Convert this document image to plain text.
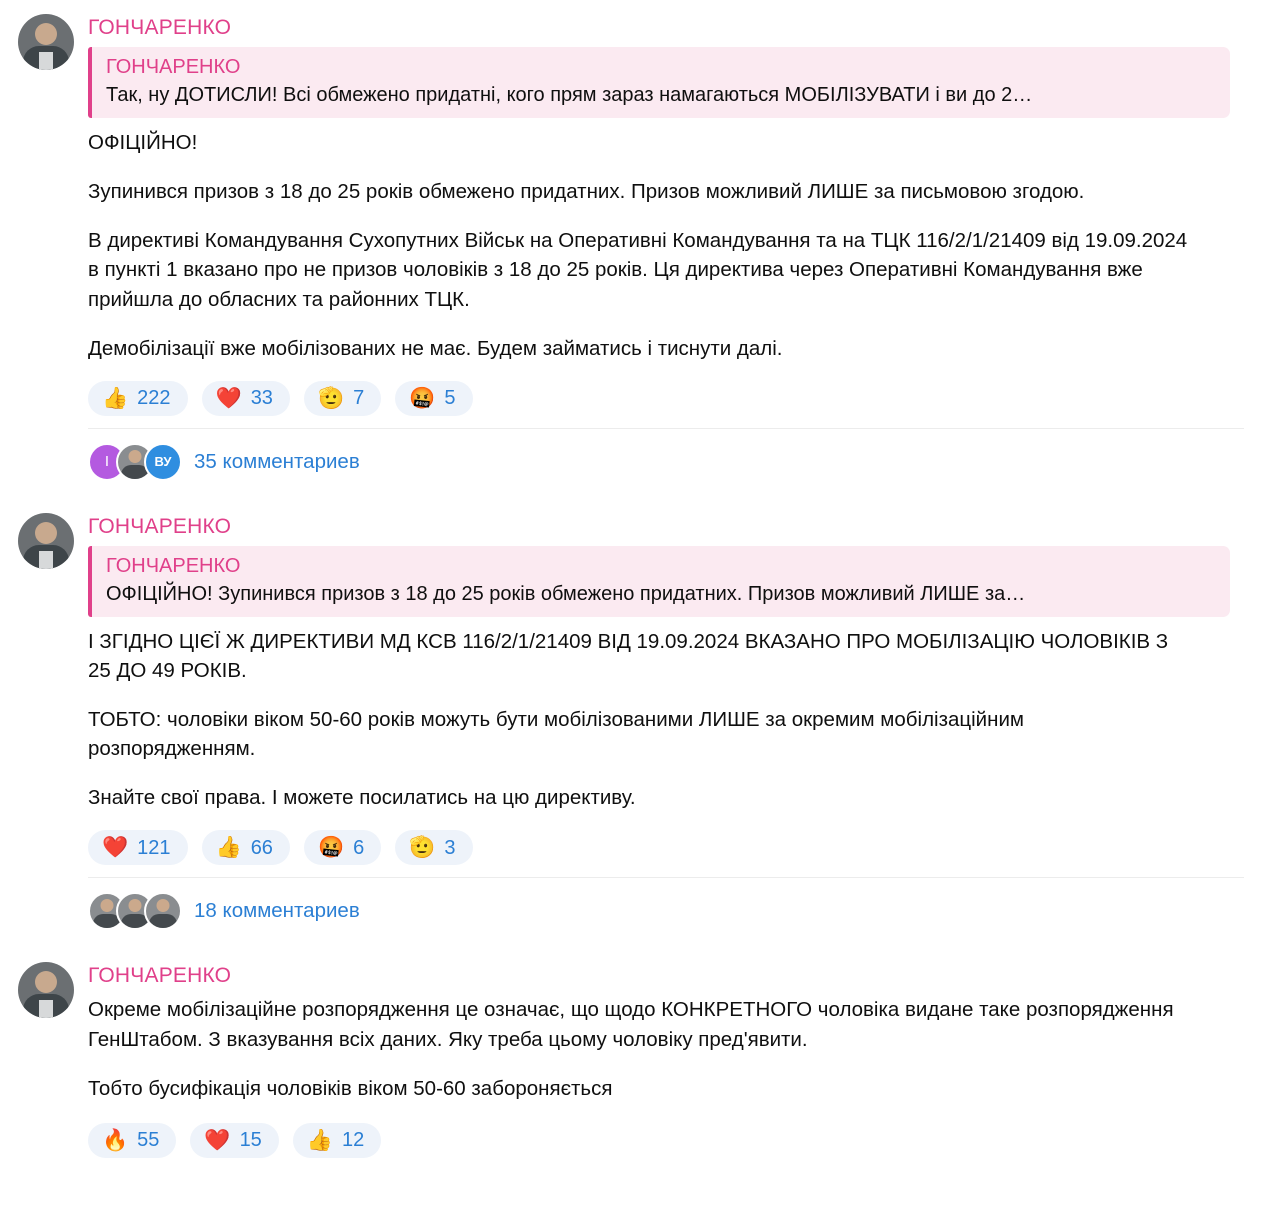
ГОНЧАРЕНКО
ГОНЧАРЕНКО
Так, ну ДОТИСЛИ! Всі обмежено придатні, кого прям зараз намагаються МОБІЛІЗУВАТИ і ви до 2…

ОФІЦІЙНО!

Зупинився призов з 18 до 25 років обмежено придатних. Призов можливий ЛИШЕ за письмовою згодою.

В директиві Командування Сухопутних Військ на Оперативні Командування та на ТЦК 116/2/1/21409 від 19.09.2024 в пункті 1 вказано про не призов чоловіків з 18 до 25 років. Ця директива через Оперативні Командування вже прийшла до обласних та районних ТЦК.

Демобілізації вже мобілізованих не має. Будем займатись і тиснути далі.

👍 222 ❤️ 33 🫡 7 🤬 5
І	ВУ	35 комментариев
ГОНЧАРЕНКО
ГОНЧАРЕНКО
ОФІЦІЙНО! Зупинився призов з 18 до 25 років обмежено придатних. Призов можливий ЛИШЕ за…

І ЗГІДНО ЦІЄЇ Ж ДИРЕКТИВИ МД КСВ 116/2/1/21409 ВІД 19.09.2024 ВКАЗАНО ПРО МОБІЛІЗАЦІЮ ЧОЛОВІКІВ З 25 ДО 49 РОКІВ.

ТОБТО: чоловіки віком 50-60 років можуть бути мобілізованими ЛИШЕ за окремим мобілізаційним розпорядженням.

Знайте свої права. І можете посилатись на цю директиву.

❤️ 121 👍 66 🤬 6 🫡 3
18 комментариев
ГОНЧАРЕНКО

Окреме мобілізаційне розпорядження це означає, що щодо КОНКРЕТНОГО чоловіка видане таке розпорядження ГенШтабом. З вказування всіх даних. Яку треба цьому чоловіку пред'явити.

Тобто бусифікація чоловіків віком 50-60 забороняється

🔥 55 ❤️ 15 👍 12
